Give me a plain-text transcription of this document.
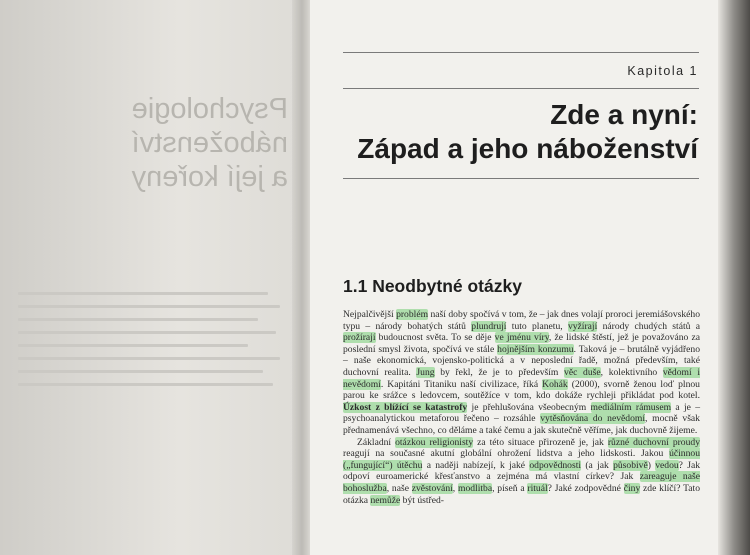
Psychologie náboženství
a její kořeny
Kapitola 1
Zde a nyní:
Západ a jeho náboženství
1.1 Neodbytné otázky

Nejpalčivější problém naší doby spočívá v tom, že – jak dnes volají proroci jeremiášovského typu – národy bohatých států plundrují tuto planetu, vyžírají národy chudých států a prožírají budoucnost světa. To se děje ve jménu víry, že lidské štěstí, jež je považováno za poslední smysl života, spočívá ve stále hojnějším konzumu. Taková je – brutálně vyjádřeno – naše ekonomická, vojensko-politická a v neposlední řadě, možná především, také duchovní realita. Jung by řekl, že je to především věc duše, kolektivního vědomí i nevědomí. Kapitáni Titaniku naší civilizace, říká Kohák (2000), svorně ženou loď plnou parou ke srážce s ledovcem, soutěžíce v tom, kdo dokáže rychleji přikládat pod kotel. Úzkost z blížící se katastrofy je přehlušována všeobecným mediálním rámusem a je – psychoanalytickou metaforou řečeno – rozsáhle vytěsňována do nevědomí, mocně však přednamenává všechno, co děláme a také čemu a jak skutečně věříme, jak duchovně žijeme.

Základní otázkou religionisty za této situace přirozeně je, jak různé duchovní proudy reagují na současné akutní globální ohrožení lidstva a jeho lidskosti. Jakou účinnou („fungující“) útěchu a naději nabízejí, k jaké odpovědnosti (a jak působivě) vedou? Jak odpoví euroamerické křesťanstvo a zejména má vlastní církev? Jak zareaguje naše bohoslužba, naše zvěstování, modlitba, píseň a rituál? Jaké zodpovědné činy zde klíčí? Tato otázka nemůže být ústřed-
